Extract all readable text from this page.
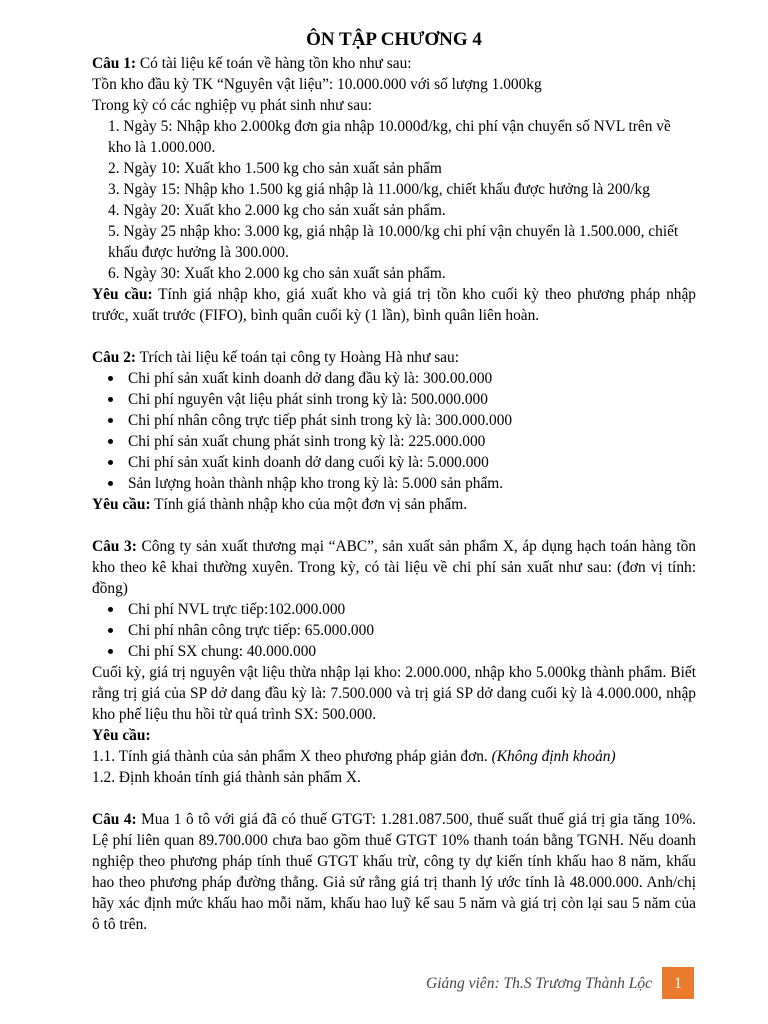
ÔN TẬP CHƯƠNG 4

Câu 1: Có tài liệu kế toán về hàng tồn kho như sau:

Tồn kho đầu kỳ TK “Nguyên vật liệu”: 10.000.000 với số lượng 1.000kg

Trong kỳ có các nghiệp vụ phát sinh như sau:

1. 1. Ngày 5: Nhập kho 2.000kg đơn gia nhập 10.000đ/kg, chi phí vận chuyển số NVL trên về kho là 1.000.000.
2. 2. Ngày 10: Xuất kho 1.500 kg cho sản xuất sản phẩm
3. 3. Ngày 15: Nhập kho 1.500 kg giá nhập là 11.000/kg, chiết khấu được hưởng là 200/kg
4. 4. Ngày 20: Xuất kho 2.000 kg cho sản xuất sản phẩm.
5. 5. Ngày 25 nhập kho: 3.000 kg, giá nhập là 10.000/kg chi phí vận chuyển là 1.500.000, chiết khấu được hưởng là 300.000.
6. 6. Ngày 30: Xuất kho 2.000 kg cho sản xuất sản phẩm.

Yêu cầu: Tính giá nhập kho, giá xuất kho và giá trị tồn kho cuối kỳ theo phương pháp nhập trước, xuất trước (FIFO), bình quân cuối kỳ (1 lần), bình quân liên hoàn.

Câu 2: Trích tài liệu kế toán tại công ty Hoàng Hà như sau:

Chi phí sản xuất kinh doanh dở dang đầu kỳ là: 300.00.000
Chi phí nguyên vật liệu phát sinh trong kỳ là: 500.000.000
Chi phí nhân công trực tiếp phát sinh trong kỳ là: 300.000.000
Chi phí sản xuất chung phát sinh trong kỳ là: 225.000.000
Chi phí sản xuất kinh doanh dở dang cuối kỳ là: 5.000.000
Sản lượng hoàn thành nhập kho trong kỳ là: 5.000 sản phẩm.

Yêu cầu: Tính giá thành nhập kho của một đơn vị sản phẩm.

Câu 3: Công ty sản xuất thương mại “ABC”, sản xuất sản phẩm X, áp dụng hạch toán hàng tồn kho theo kê khai thường xuyên. Trong kỳ, có tài liệu về chi phí sản xuất như sau: (đơn vị tính: đồng)

Chi phí NVL trực tiếp:102.000.000
Chi phí nhân công trực tiếp: 65.000.000
Chi phí SX chung: 40.000.000

Cuối kỳ, giá trị nguyên vật liệu thừa nhập lại kho: 2.000.000, nhập kho 5.000kg thành phẩm. Biết rằng trị giá của SP dở dang đầu kỳ là: 7.500.000 và trị giá SP dở dang cuối kỳ là 4.000.000, nhập kho phế liệu thu hồi từ quá trình SX: 500.000.

Yêu cầu:

1.1. Tính giá thành của sản phẩm X theo phương pháp giản đơn. (Không định khoản)

1.2. Định khoản tính giá thành sản phẩm X.

Câu 4: Mua 1 ô tô với giá đã có thuế GTGT: 1.281.087.500, thuế suất thuế giá trị gia tăng 10%. Lệ phí liên quan 89.700.000 chưa bao gồm thuế GTGT 10% thanh toán bằng TGNH. Nếu doanh nghiệp theo phương pháp tính thuế GTGT khấu trừ, công ty dự kiến tính khấu hao 8 năm, khấu hao theo phương pháp đường thẳng. Giả sử rằng giá trị thanh lý ước tính là 48.000.000. Anh/chị hãy xác định mức khấu hao mỗi năm, khấu hao luỹ kế sau 5 năm và giá trị còn lại sau 5 năm của ô tô trên.

Giảng viên: Th.S Trương Thành Lộc	1
